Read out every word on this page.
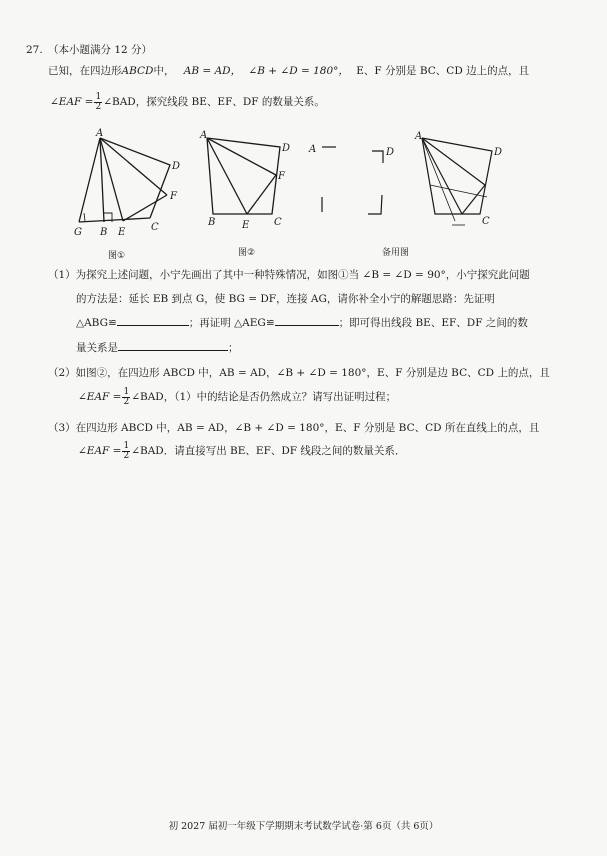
27. （本小题满分 12 分）
已知，在四边形ABCD中， AB = AD， ∠B + ∠D = 180°， E、F 分别是 BC、CD 边上的点，且
∠EAF = $\frac{1}{2}$ ∠BAD，探究线段 BE、EF、DF 的数量关系。
A
D
F
C
E
B
G
A
D
F
C
E
B
A	D
A
D
C
图①	图②	备用图
（1）为探究上述问题，小宁先画出了其中一种特殊情况，如图①当 ∠B = ∠D = 90°，小宁探究此问题
的方法是：延长 EB 到点 G，使 BG = DF，连接 AG，请你补全小宁的解题思路：先证明
△ABG≌	；再证明 △AEG≌	；即可得出线段 BE、EF、DF 之间的数
量关系是	；
（2）如图②，在四边形 ABCD 中，AB = AD，∠B + ∠D = 180°，E、F 分别是边 BC、CD 上的点，且
∠EAF = $\frac{1}{2}$ ∠BAD，（1）中的结论是否仍然成立？请写出证明过程；
（3）在四边形 ABCD 中，AB = AD，∠B + ∠D = 180°，E、F 分别是 BC、CD 所在直线上的点，且
∠EAF = $\frac{1}{2}$ ∠BAD．请直接写出 BE、EF、DF 线段之间的数量关系．
初 2027 届初一年级下学期期末考试数学试卷·第 6页（共 6页）
